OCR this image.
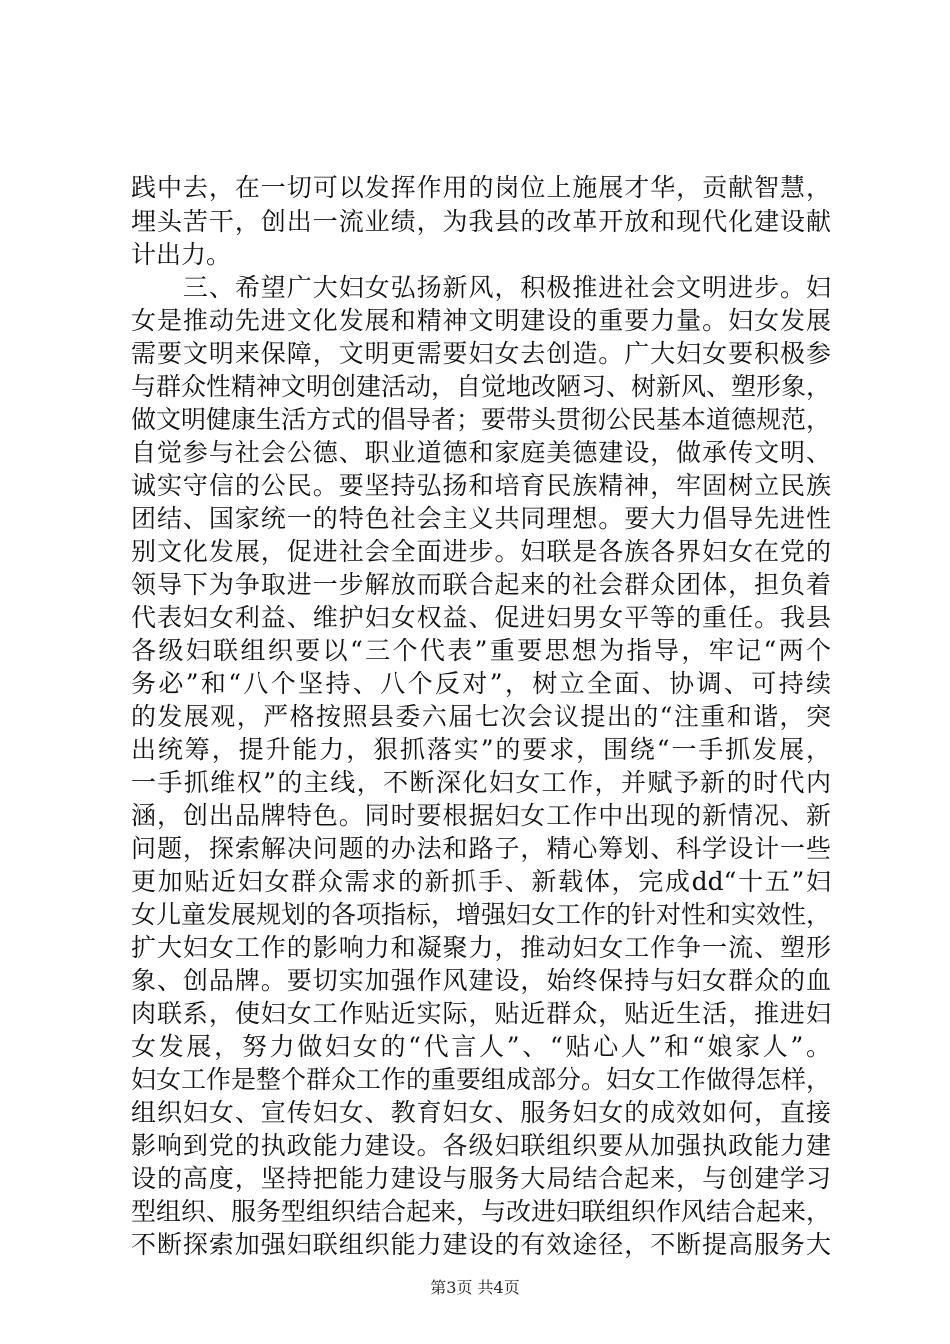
践中去，在一切可以发挥作用的岗位上施展才华，贡献智慧，
埋头苦干，创出一流业绩，为我县的改革开放和现代化建设献
计出力。
　　三、希望广大妇女弘扬新风，积极推进社会文明进步。妇
女是推动先进文化发展和精神文明建设的重要力量。妇女发展
需要文明来保障，文明更需要妇女去创造。广大妇女要积极参
与群众性精神文明创建活动，自觉地改陋习、树新风、塑形象，
做文明健康生活方式的倡导者；要带头贯彻公民基本道德规范，
自觉参与社会公德、职业道德和家庭美德建设，做承传文明、
诚实守信的公民。要坚持弘扬和培育民族精神，牢固树立民族
团结、国家统一的特色社会主义共同理想。要大力倡导先进性
别文化发展，促进社会全面进步。妇联是各族各界妇女在党的
领导下为争取进一步解放而联合起来的社会群众团体，担负着
代表妇女利益、维护妇女权益、促进妇男女平等的重任。我县
各级妇联组织要以“三个代表”重要思想为指导，牢记“两个
务必”和“八个坚持、八个反对”，树立全面、协调、可持续
的发展观，严格按照县委六届七次会议提出的“注重和谐，突
出统筹，提升能力，狠抓落实”的要求，围绕“一手抓发展，
一手抓维权”的主线，不断深化妇女工作，并赋予新的时代内
涵，创出品牌特色。同时要根据妇女工作中出现的新情况、新
问题，探索解决问题的办法和路子，精心筹划、科学设计一些
更加贴近妇女群众需求的新抓手、新载体，完成dd“十五”妇
女儿童发展规划的各项指标，增强妇女工作的针对性和实效性，
扩大妇女工作的影响力和凝聚力，推动妇女工作争一流、塑形
象、创品牌。要切实加强作风建设，始终保持与妇女群众的血
肉联系，使妇女工作贴近实际，贴近群众，贴近生活，推进妇
女发展，努力做妇女的“代言人”、“贴心人”和“娘家人”。
妇女工作是整个群众工作的重要组成部分。妇女工作做得怎样，
组织妇女、宣传妇女、教育妇女、服务妇女的成效如何，直接
影响到党的执政能力建设。各级妇联组织要从加强执政能力建
设的高度，坚持把能力建设与服务大局结合起来，与创建学习
型组织、服务型组织结合起来，与改进妇联组织作风结合起来，
不断探索加强妇联组织能力建设的有效途径，不断提高服务大
第3页 共4页
